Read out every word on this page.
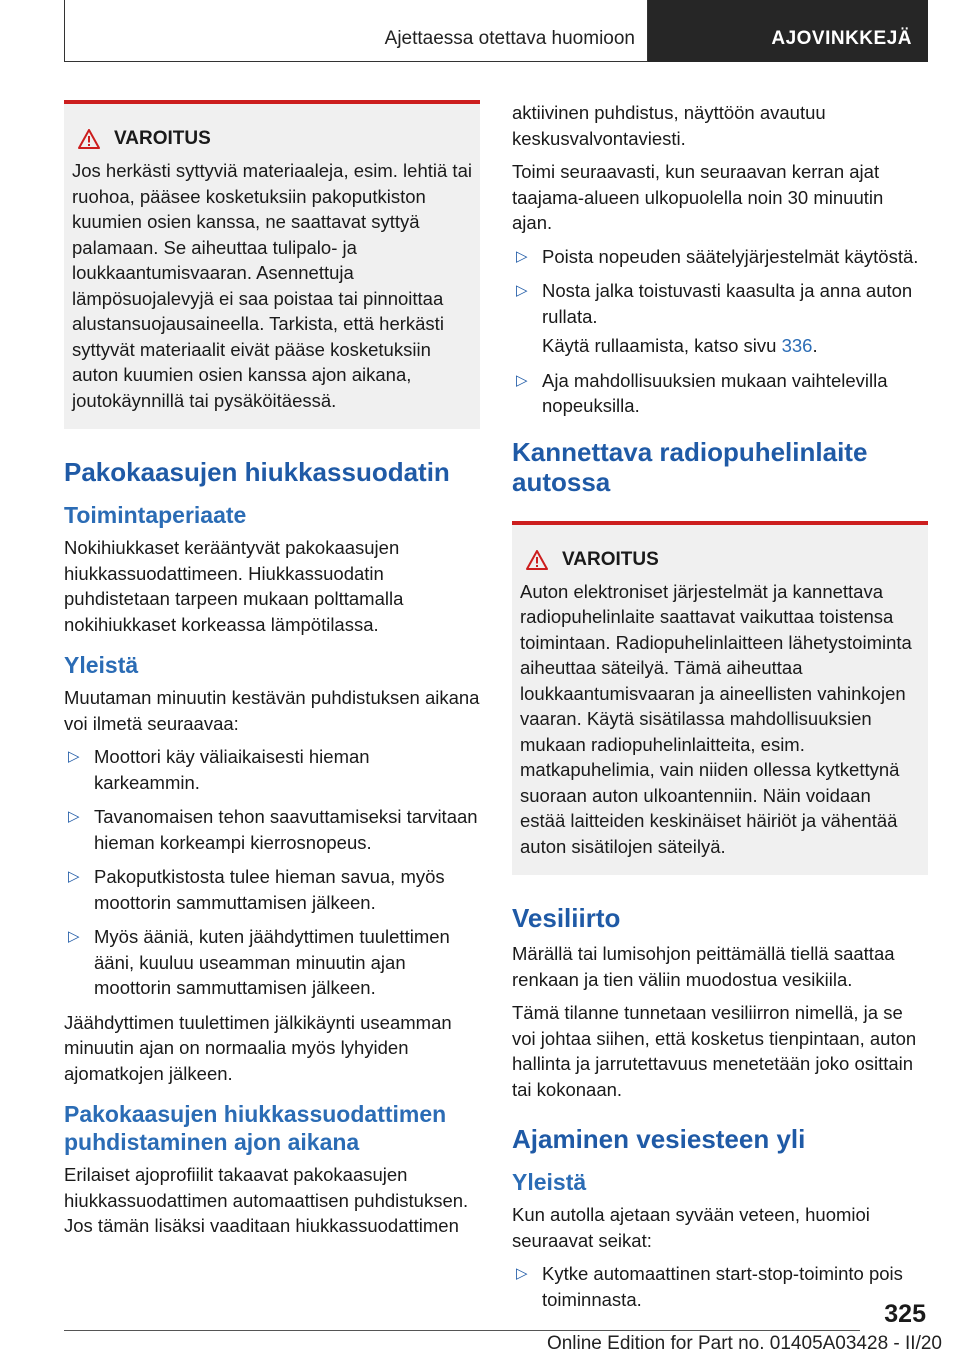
Ajettaessa otettava huomioon	AJOVINKKEJÄ
VAROITUS

Jos herkästi syttyviä materiaaleja, esim. lehtiä tai ruohoa, pääsee kosketuksiin pakoputkiston kuumien osien kanssa, ne saattavat syttyä palamaan. Se aiheuttaa tulipalo- ja loukkaantumisvaaran. Asennettuja lämpösuojalevyjä ei saa poistaa tai pinnoittaa alustansuojausaineella. Tarkista, että herkästi syttyvät materiaalit eivät pääse kosketuksiin auton kuumien osien kanssa ajon aikana, joutokäynnillä tai pysäköitäessä.

Pakokaasujen hiukkassuodatin
Toimintaperiaate

Nokihiukkaset kerääntyvät pakokaasujen hiukkassuodattimeen. Hiukkassuodatin puhdistetaan tarpeen mukaan polttamalla nokihiukkaset korkeassa lämpötilassa.

Yleistä

Muutaman minuutin kestävän puhdistuksen aikana voi ilmetä seuraavaa:

▷ Moottori käy väliaikaisesti hieman karkeammin.
▷ Tavanomaisen tehon saavuttamiseksi tarvitaan hieman korkeampi kierrosnopeus.
▷ Pakoputkistosta tulee hieman savua, myös moottorin sammuttamisen jälkeen.
▷ Myös ääniä, kuten jäähdyttimen tuulettimen ääni, kuuluu useamman minuutin ajan moottorin sammuttamisen jälkeen.

Jäähdyttimen tuulettimen jälkikäynti useamman minuutin ajan on normaalia myös lyhyiden ajomatkojen jälkeen.

Pakokaasujen hiukkassuodattimen puhdistaminen ajon aikana

Erilaiset ajoprofiilit takaavat pakokaasujen hiukkassuodattimen automaattisen puhdistuksen. Jos tämän lisäksi vaaditaan hiukkassuodattimen

aktiivinen puhdistus, näyttöön avautuu keskusvalvontaviesti.

Toimi seuraavasti, kun seuraavan kerran ajat taajama-alueen ulkopuolella noin 30 minuutin ajan.

▷ Poista nopeuden säätelyjärjestelmät käytöstä.
▷ Nosta jalka toistuvasti kaasulta ja anna auton rullata.
Käytä rullaamista, katso sivu 336.
▷ Aja mahdollisuuksien mukaan vaihtelevilla nopeuksilla.
Kannettava radiopuhelinlaite autossa
VAROITUS

Auton elektroniset järjestelmät ja kannettava radiopuhelinlaite saattavat vaikuttaa toistensa toimintaan. Radiopuhelinlaitteen lähetystoiminta aiheuttaa säteilyä. Tämä aiheuttaa loukkaantumisvaaran ja aineellisten vahinkojen vaaran. Käytä sisätilassa mahdollisuuksien mukaan radiopuhelinlaitteita, esim. matkapuhelimia, vain niiden ollessa kytkettynä suoraan auton ulkoantenniin. Näin voidaan estää laitteiden keskinäiset häiriöt ja vähentää auton sisätilojen säteilyä.

Vesiliirto

Märällä tai lumisohjon peittämällä tiellä saattaa renkaan ja tien väliin muodostua vesikiila.

Tämä tilanne tunnetaan vesiliirron nimellä, ja se voi johtaa siihen, että kosketus tienpintaan, auton hallinta ja jarrutettavuus menetetään joko osittain tai kokonaan.

Ajaminen vesiesteen yli
Yleistä

Kun autolla ajetaan syvään veteen, huomioi seuraavat seikat:

▷ Kytke automaattinen start-stop-toiminto pois toiminnasta.
325
Online Edition for Part no. 01405A03428 - II/20
